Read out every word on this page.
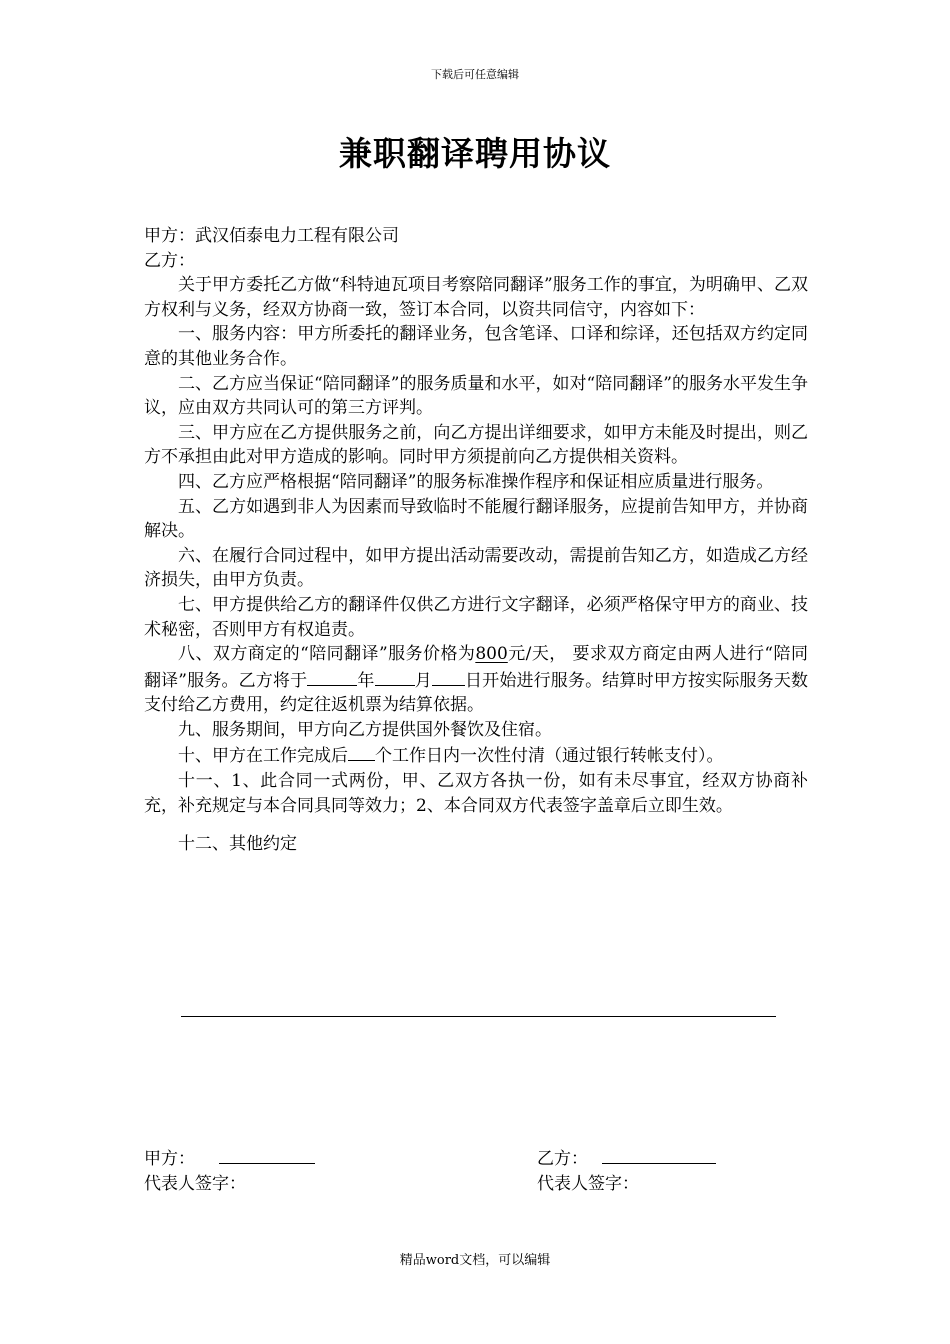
下载后可任意编辑
兼职翻译聘用协议

甲方：武汉佰泰电力工程有限公司

乙方：

关于甲方委托乙方做“科特迪瓦项目考察陪同翻译”服务工作的事宜，为明确甲、乙双方权利与义务，经双方协商一致，签订本合同，以资共同信守，内容如下：

一、服务内容：甲方所委托的翻译业务，包含笔译、口译和综译，还包括双方约定同意的其他业务合作。

二、乙方应当保证“陪同翻译”的服务质量和水平，如对“陪同翻译”的服务水平发生争议，应由双方共同认可的第三方评判。

三、甲方应在乙方提供服务之前，向乙方提出详细要求，如甲方未能及时提出，则乙方不承担由此对甲方造成的影响。同时甲方须提前向乙方提供相关资料。

四、乙方应严格根据“陪同翻译”的服务标准操作程序和保证相应质量进行服务。

五、乙方如遇到非人为因素而导致临时不能履行翻译服务，应提前告知甲方，并协商解决。

六、在履行合同过程中，如甲方提出活动需要改动，需提前告知乙方，如造成乙方经济损失，由甲方负责。

七、甲方提供给乙方的翻译件仅供乙方进行文字翻译，必须严格保守甲方的商业、技术秘密，否则甲方有权追责。

八、双方商定的“陪同翻译”服务价格为800元/天， 要求双方商定由两人进行“陪同翻译”服务。乙方将于	年 月 日开始进行服务。结算时甲方按实际服务天数支付给乙方费用，约定往返机票为结算依据。

九、服务期间，甲方向乙方提供国外餐饮及住宿。

十、甲方在工作完成后 个工作日内一次性付清（通过银行转帐支付）。

十一、1、此合同一式两份，甲、乙双方各执一份，如有未尽事宜，经双方协商补充，补充规定与本合同具同等效力；2、本合同双方代表签字盖章后立即生效。

十二、其他约定

甲方：
代表人签字：
乙方：
代表人签字：
精品word文档，可以编辑
